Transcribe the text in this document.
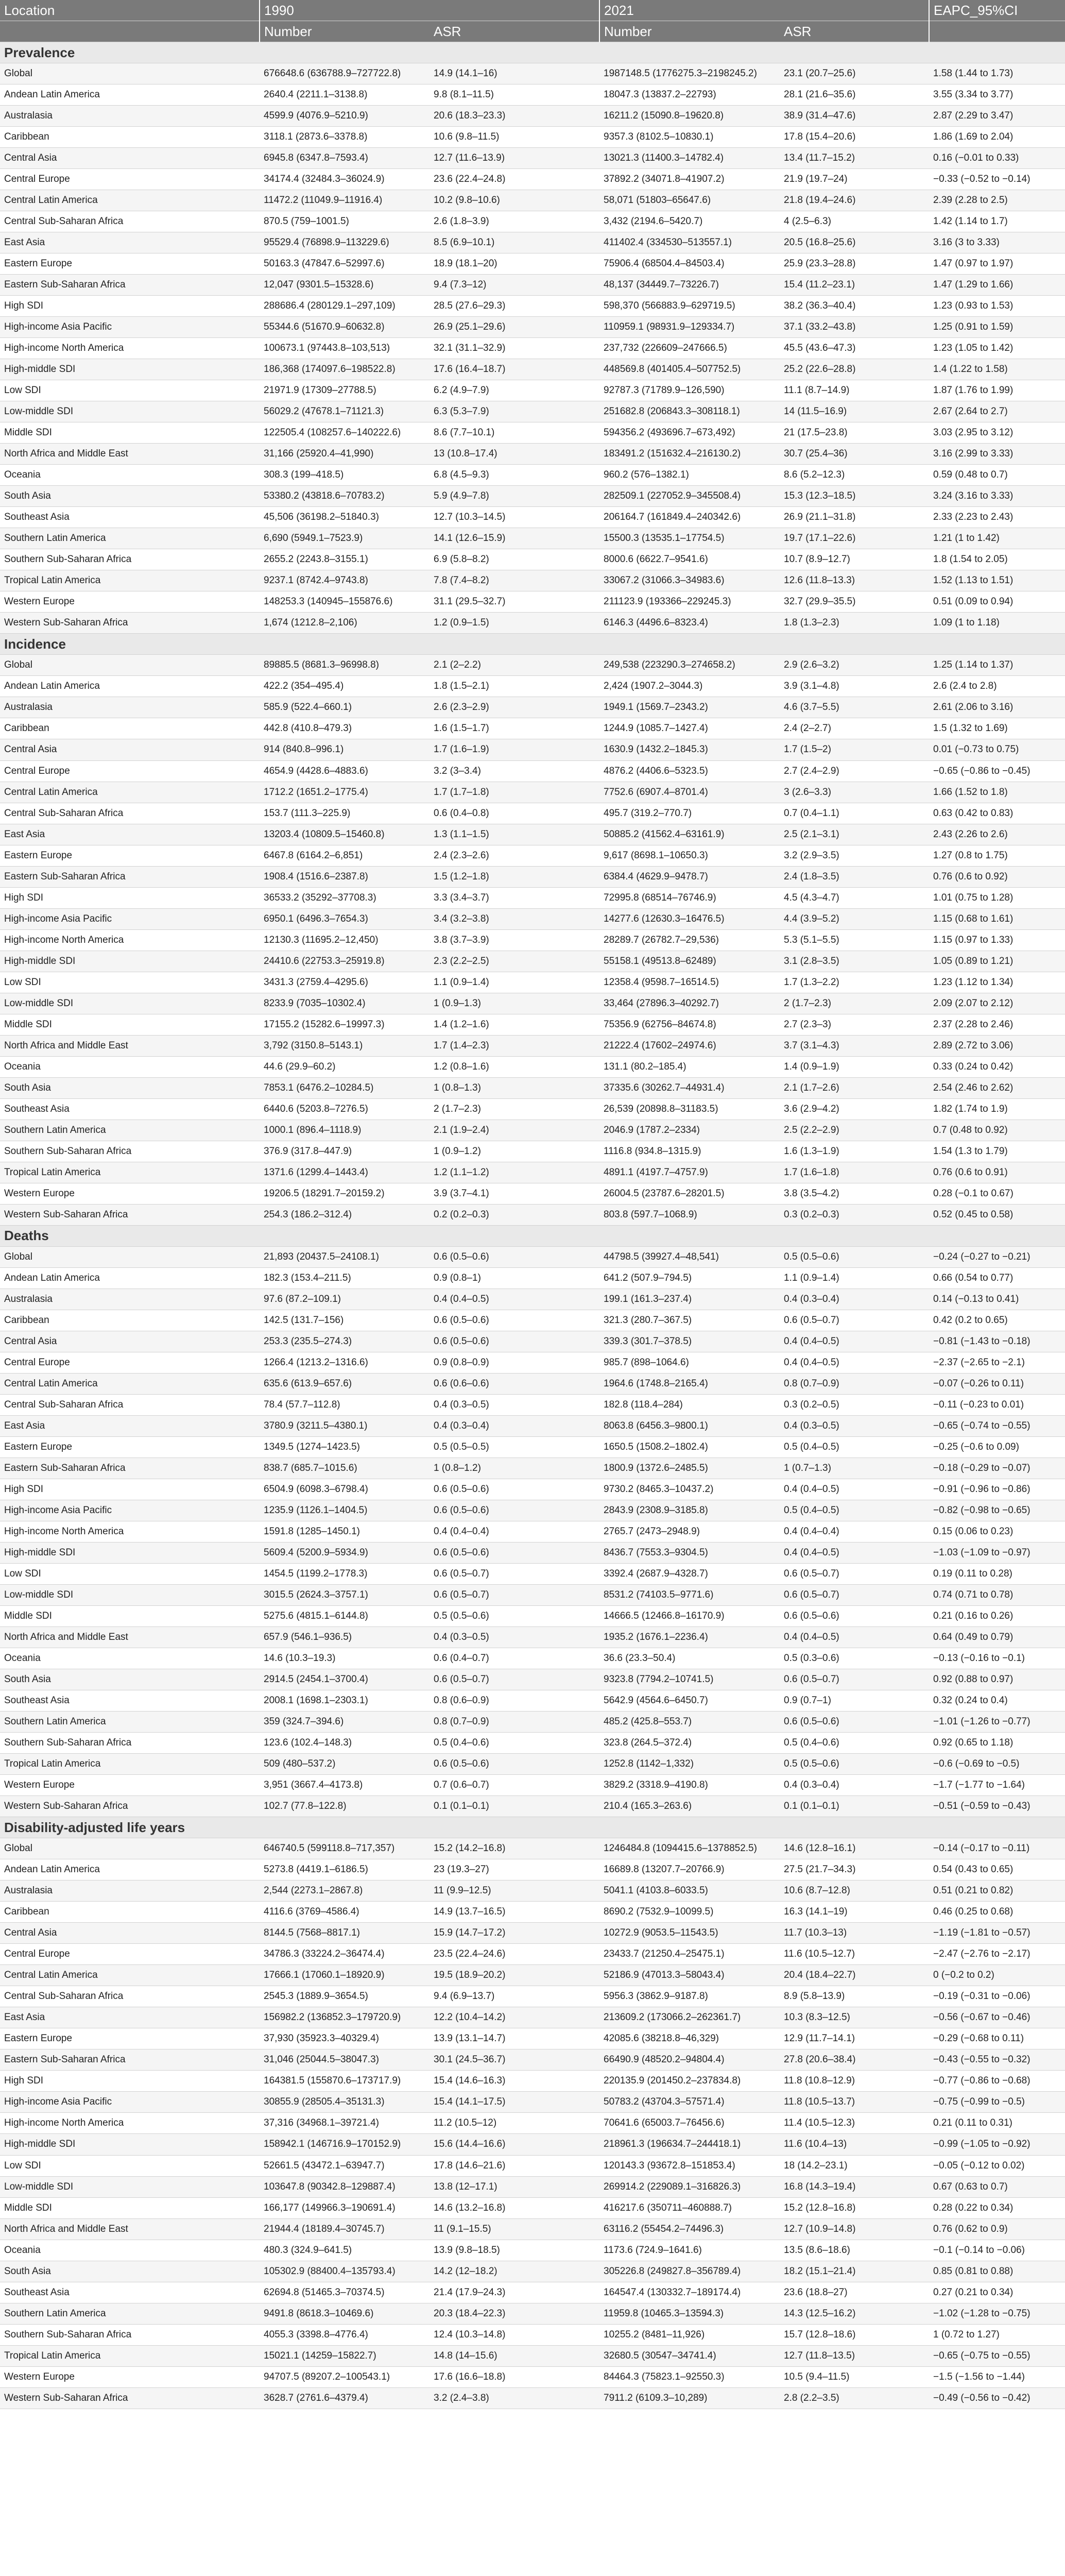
Location	1990		2021		EAPC_95%CI
	Number	ASR	Number	ASR	
Prevalence					
Global	676648.6 (636788.9–727722.8)	14.9 (14.1–16)	1987148.5 (1776275.3–2198245.2)	23.1 (20.7–25.6)	1.58 (1.44 to 1.73)
Andean Latin America	2640.4 (2211.1–3138.8)	9.8 (8.1–11.5)	18047.3 (13837.2–22793)	28.1 (21.6–35.6)	3.55 (3.34 to 3.77)
Australasia	4599.9 (4076.9–5210.9)	20.6 (18.3–23.3)	16211.2 (15090.8–19620.8)	38.9 (31.4–47.6)	2.87 (2.29 to 3.47)
Caribbean	3118.1 (2873.6–3378.8)	10.6 (9.8–11.5)	9357.3 (8102.5–10830.1)	17.8 (15.4–20.6)	1.86 (1.69 to 2.04)
Central Asia	6945.8 (6347.8–7593.4)	12.7 (11.6–13.9)	13021.3 (11400.3–14782.4)	13.4 (11.7–15.2)	0.16 (−0.01 to 0.33)
Central Europe	34174.4 (32484.3–36024.9)	23.6 (22.4–24.8)	37892.2 (34071.8–41907.2)	21.9 (19.7–24)	−0.33 (−0.52 to −0.14)
Central Latin America	11472.2 (11049.9–11916.4)	10.2 (9.8–10.6)	58,071 (51803–65647.6)	21.8 (19.4–24.6)	2.39 (2.28 to 2.5)
Central Sub-Saharan Africa	870.5 (759–1001.5)	2.6 (1.8–3.9)	3,432 (2194.6–5420.7)	4 (2.5–6.3)	1.42 (1.14 to 1.7)
East Asia	95529.4 (76898.9–113229.6)	8.5 (6.9–10.1)	411402.4 (334530–513557.1)	20.5 (16.8–25.6)	3.16 (3 to 3.33)
Eastern Europe	50163.3 (47847.6–52997.6)	18.9 (18.1–20)	75906.4 (68504.4–84503.4)	25.9 (23.3–28.8)	1.47 (0.97 to 1.97)
Eastern Sub-Saharan Africa	12,047 (9301.5–15328.6)	9.4 (7.3–12)	48,137 (34449.7–73226.7)	15.4 (11.2–23.1)	1.47 (1.29 to 1.66)
High SDI	288686.4 (280129.1–297,109)	28.5 (27.6–29.3)	598,370 (566883.9–629719.5)	38.2 (36.3–40.4)	1.23 (0.93 to 1.53)
High-income Asia Pacific	55344.6 (51670.9–60632.8)	26.9 (25.1–29.6)	110959.1 (98931.9–129334.7)	37.1 (33.2–43.8)	1.25 (0.91 to 1.59)
High-income North America	100673.1 (97443.8–103,513)	32.1 (31.1–32.9)	237,732 (226609–247666.5)	45.5 (43.6–47.3)	1.23 (1.05 to 1.42)
High-middle SDI	186,368 (174097.6–198522.8)	17.6 (16.4–18.7)	448569.8 (401405.4–507752.5)	25.2 (22.6–28.8)	1.4 (1.22 to 1.58)
Low SDI	21971.9 (17309–27788.5)	6.2 (4.9–7.9)	92787.3 (71789.9–126,590)	11.1 (8.7–14.9)	1.87 (1.76 to 1.99)
Low-middle SDI	56029.2 (47678.1–71121.3)	6.3 (5.3–7.9)	251682.8 (206843.3–308118.1)	14 (11.5–16.9)	2.67 (2.64 to 2.7)
Middle SDI	122505.4 (108257.6–140222.6)	8.6 (7.7–10.1)	594356.2 (493696.7–673,492)	21 (17.5–23.8)	3.03 (2.95 to 3.12)
North Africa and Middle East	31,166 (25920.4–41,990)	13 (10.8–17.4)	183491.2 (151632.4–216130.2)	30.7 (25.4–36)	3.16 (2.99 to 3.33)
Oceania	308.3 (199–418.5)	6.8 (4.5–9.3)	960.2 (576–1382.1)	8.6 (5.2–12.3)	0.59 (0.48 to 0.7)
South Asia	53380.2 (43818.6–70783.2)	5.9 (4.9–7.8)	282509.1 (227052.9–345508.4)	15.3 (12.3–18.5)	3.24 (3.16 to 3.33)
Southeast Asia	45,506 (36198.2–51840.3)	12.7 (10.3–14.5)	206164.7 (161849.4–240342.6)	26.9 (21.1–31.8)	2.33 (2.23 to 2.43)
Southern Latin America	6,690 (5949.1–7523.9)	14.1 (12.6–15.9)	15500.3 (13535.1–17754.5)	19.7 (17.1–22.6)	1.21 (1 to 1.42)
Southern Sub-Saharan Africa	2655.2 (2243.8–3155.1)	6.9 (5.8–8.2)	8000.6 (6622.7–9541.6)	10.7 (8.9–12.7)	1.8 (1.54 to 2.05)
Tropical Latin America	9237.1 (8742.4–9743.8)	7.8 (7.4–8.2)	33067.2 (31066.3–34983.6)	12.6 (11.8–13.3)	1.52 (1.13 to 1.51)
Western Europe	148253.3 (140945–155876.6)	31.1 (29.5–32.7)	211123.9 (193366–229245.3)	32.7 (29.9–35.5)	0.51 (0.09 to 0.94)
Western Sub-Saharan Africa	1,674 (1212.8–2,106)	1.2 (0.9–1.5)	6146.3 (4496.6–8323.4)	1.8 (1.3–2.3)	1.09 (1 to 1.18)
Incidence					
Global	89885.5 (8681.3–96998.8)	2.1 (2–2.2)	249,538 (223290.3–274658.2)	2.9 (2.6–3.2)	1.25 (1.14 to 1.37)
Andean Latin America	422.2 (354–495.4)	1.8 (1.5–2.1)	2,424 (1907.2–3044.3)	3.9 (3.1–4.8)	2.6 (2.4 to 2.8)
Australasia	585.9 (522.4–660.1)	2.6 (2.3–2.9)	1949.1 (1569.7–2343.2)	4.6 (3.7–5.5)	2.61 (2.06 to 3.16)
Caribbean	442.8 (410.8–479.3)	1.6 (1.5–1.7)	1244.9 (1085.7–1427.4)	2.4 (2–2.7)	1.5 (1.32 to 1.69)
Central Asia	914 (840.8–996.1)	1.7 (1.6–1.9)	1630.9 (1432.2–1845.3)	1.7 (1.5–2)	0.01 (−0.73 to 0.75)
Central Europe	4654.9 (4428.6–4883.6)	3.2 (3–3.4)	4876.2 (4406.6–5323.5)	2.7 (2.4–2.9)	−0.65 (−0.86 to −0.45)
Central Latin America	1712.2 (1651.2–1775.4)	1.7 (1.7–1.8)	7752.6 (6907.4–8701.4)	3 (2.6–3.3)	1.66 (1.52 to 1.8)
Central Sub-Saharan Africa	153.7 (111.3–225.9)	0.6 (0.4–0.8)	495.7 (319.2–770.7)	0.7 (0.4–1.1)	0.63 (0.42 to 0.83)
East Asia	13203.4 (10809.5–15460.8)	1.3 (1.1–1.5)	50885.2 (41562.4–63161.9)	2.5 (2.1–3.1)	2.43 (2.26 to 2.6)
Eastern Europe	6467.8 (6164.2–6,851)	2.4 (2.3–2.6)	9,617 (8698.1–10650.3)	3.2 (2.9–3.5)	1.27 (0.8 to 1.75)
Eastern Sub-Saharan Africa	1908.4 (1516.6–2387.8)	1.5 (1.2–1.8)	6384.4 (4629.9–9478.7)	2.4 (1.8–3.5)	0.76 (0.6 to 0.92)
High SDI	36533.2 (35292–37708.3)	3.3 (3.4–3.7)	72995.8 (68514–76746.9)	4.5 (4.3–4.7)	1.01 (0.75 to 1.28)
High-income Asia Pacific	6950.1 (6496.3–7654.3)	3.4 (3.2–3.8)	14277.6 (12630.3–16476.5)	4.4 (3.9–5.2)	1.15 (0.68 to 1.61)
High-income North America	12130.3 (11695.2–12,450)	3.8 (3.7–3.9)	28289.7 (26782.7–29,536)	5.3 (5.1–5.5)	1.15 (0.97 to 1.33)
High-middle SDI	24410.6 (22753.3–25919.8)	2.3 (2.2–2.5)	55158.1 (49513.8–62489)	3.1 (2.8–3.5)	1.05 (0.89 to 1.21)
Low SDI	3431.3 (2759.4–4295.6)	1.1 (0.9–1.4)	12358.4 (9598.7–16514.5)	1.7 (1.3–2.2)	1.23 (1.12 to 1.34)
Low-middle SDI	8233.9 (7035–10302.4)	1 (0.9–1.3)	33,464 (27896.3–40292.7)	2 (1.7–2.3)	2.09 (2.07 to 2.12)
Middle SDI	17155.2 (15282.6–19997.3)	1.4 (1.2–1.6)	75356.9 (62756–84674.8)	2.7 (2.3–3)	2.37 (2.28 to 2.46)
North Africa and Middle East	3,792 (3150.8–5143.1)	1.7 (1.4–2.3)	21222.4 (17602–24974.6)	3.7 (3.1–4.3)	2.89 (2.72 to 3.06)
Oceania	44.6 (29.9–60.2)	1.2 (0.8–1.6)	131.1 (80.2–185.4)	1.4 (0.9–1.9)	0.33 (0.24 to 0.42)
South Asia	7853.1 (6476.2–10284.5)	1 (0.8–1.3)	37335.6 (30262.7–44931.4)	2.1 (1.7–2.6)	2.54 (2.46 to 2.62)
Southeast Asia	6440.6 (5203.8–7276.5)	2 (1.7–2.3)	26,539 (20898.8–31183.5)	3.6 (2.9–4.2)	1.82 (1.74 to 1.9)
Southern Latin America	1000.1 (896.4–1118.9)	2.1 (1.9–2.4)	2046.9 (1787.2–2334)	2.5 (2.2–2.9)	0.7 (0.48 to 0.92)
Southern Sub-Saharan Africa	376.9 (317.8–447.9)	1 (0.9–1.2)	1116.8 (934.8–1315.9)	1.6 (1.3–1.9)	1.54 (1.3 to 1.79)
Tropical Latin America	1371.6 (1299.4–1443.4)	1.2 (1.1–1.2)	4891.1 (4197.7–4757.9)	1.7 (1.6–1.8)	0.76 (0.6 to 0.91)
Western Europe	19206.5 (18291.7–20159.2)	3.9 (3.7–4.1)	26004.5 (23787.6–28201.5)	3.8 (3.5–4.2)	0.28 (−0.1 to 0.67)
Western Sub-Saharan Africa	254.3 (186.2–312.4)	0.2 (0.2–0.3)	803.8 (597.7–1068.9)	0.3 (0.2–0.3)	0.52 (0.45 to 0.58)
Deaths					
Global	21,893 (20437.5–24108.1)	0.6 (0.5–0.6)	44798.5 (39927.4–48,541)	0.5 (0.5–0.6)	−0.24 (−0.27 to −0.21)
Andean Latin America	182.3 (153.4–211.5)	0.9 (0.8–1)	641.2 (507.9–794.5)	1.1 (0.9–1.4)	0.66 (0.54 to 0.77)
Australasia	97.6 (87.2–109.1)	0.4 (0.4–0.5)	199.1 (161.3–237.4)	0.4 (0.3–0.4)	0.14 (−0.13 to 0.41)
Caribbean	142.5 (131.7–156)	0.6 (0.5–0.6)	321.3 (280.7–367.5)	0.6 (0.5–0.7)	0.42 (0.2 to 0.65)
Central Asia	253.3 (235.5–274.3)	0.6 (0.5–0.6)	339.3 (301.7–378.5)	0.4 (0.4–0.5)	−0.81 (−1.43 to −0.18)
Central Europe	1266.4 (1213.2–1316.6)	0.9 (0.8–0.9)	985.7 (898–1064.6)	0.4 (0.4–0.5)	−2.37 (−2.65 to −2.1)
Central Latin America	635.6 (613.9–657.6)	0.6 (0.6–0.6)	1964.6 (1748.8–2165.4)	0.8 (0.7–0.9)	−0.07 (−0.26 to 0.11)
Central Sub-Saharan Africa	78.4 (57.7–112.8)	0.4 (0.3–0.5)	182.8 (118.4–284)	0.3 (0.2–0.5)	−0.11 (−0.23 to 0.01)
East Asia	3780.9 (3211.5–4380.1)	0.4 (0.3–0.4)	8063.8 (6456.3–9800.1)	0.4 (0.3–0.5)	−0.65 (−0.74 to −0.55)
Eastern Europe	1349.5 (1274–1423.5)	0.5 (0.5–0.5)	1650.5 (1508.2–1802.4)	0.5 (0.4–0.5)	−0.25 (−0.6 to 0.09)
Eastern Sub-Saharan Africa	838.7 (685.7–1015.6)	1 (0.8–1.2)	1800.9 (1372.6–2485.5)	1 (0.7–1.3)	−0.18 (−0.29 to −0.07)
High SDI	6504.9 (6098.3–6798.4)	0.6 (0.5–0.6)	9730.2 (8465.3–10437.2)	0.4 (0.4–0.5)	−0.91 (−0.96 to −0.86)
High-income Asia Pacific	1235.9 (1126.1–1404.5)	0.6 (0.5–0.6)	2843.9 (2308.9–3185.8)	0.5 (0.4–0.5)	−0.82 (−0.98 to −0.65)
High-income North America	1591.8 (1285–1450.1)	0.4 (0.4–0.4)	2765.7 (2473–2948.9)	0.4 (0.4–0.4)	0.15 (0.06 to 0.23)
High-middle SDI	5609.4 (5200.9–5934.9)	0.6 (0.5–0.6)	8436.7 (7553.3–9304.5)	0.4 (0.4–0.5)	−1.03 (−1.09 to −0.97)
Low SDI	1454.5 (1199.2–1778.3)	0.6 (0.5–0.7)	3392.4 (2687.9–4328.7)	0.6 (0.5–0.7)	0.19 (0.11 to 0.28)
Low-middle SDI	3015.5 (2624.3–3757.1)	0.6 (0.5–0.7)	8531.2 (74103.5–9771.6)	0.6 (0.5–0.7)	0.74 (0.71 to 0.78)
Middle SDI	5275.6 (4815.1–6144.8)	0.5 (0.5–0.6)	14666.5 (12466.8–16170.9)	0.6 (0.5–0.6)	0.21 (0.16 to 0.26)
North Africa and Middle East	657.9 (546.1–936.5)	0.4 (0.3–0.5)	1935.2 (1676.1–2236.4)	0.4 (0.4–0.5)	0.64 (0.49 to 0.79)
Oceania	14.6 (10.3–19.3)	0.6 (0.4–0.7)	36.6 (23.3–50.4)	0.5 (0.3–0.6)	−0.13 (−0.16 to −0.1)
South Asia	2914.5 (2454.1–3700.4)	0.6 (0.5–0.7)	9323.8 (7794.2–10741.5)	0.6 (0.5–0.7)	0.92 (0.88 to 0.97)
Southeast Asia	2008.1 (1698.1–2303.1)	0.8 (0.6–0.9)	5642.9 (4564.6–6450.7)	0.9 (0.7–1)	0.32 (0.24 to 0.4)
Southern Latin America	359 (324.7–394.6)	0.8 (0.7–0.9)	485.2 (425.8–553.7)	0.6 (0.5–0.6)	−1.01 (−1.26 to −0.77)
Southern Sub-Saharan Africa	123.6 (102.4–148.3)	0.5 (0.4–0.6)	323.8 (264.5–372.4)	0.5 (0.4–0.6)	0.92 (0.65 to 1.18)
Tropical Latin America	509 (480–537.2)	0.6 (0.5–0.6)	1252.8 (1142–1,332)	0.5 (0.5–0.6)	−0.6 (−0.69 to −0.5)
Western Europe	3,951 (3667.4–4173.8)	0.7 (0.6–0.7)	3829.2 (3318.9–4190.8)	0.4 (0.3–0.4)	−1.7 (−1.77 to −1.64)
Western Sub-Saharan Africa	102.7 (77.8–122.8)	0.1 (0.1–0.1)	210.4 (165.3–263.6)	0.1 (0.1–0.1)	−0.51 (−0.59 to −0.43)
Disability-adjusted life years					
Global	646740.5 (599118.8–717,357)	15.2 (14.2–16.8)	1246484.8 (1094415.6–1378852.5)	14.6 (12.8–16.1)	−0.14 (−0.17 to −0.11)
Andean Latin America	5273.8 (4419.1–6186.5)	23 (19.3–27)	16689.8 (13207.7–20766.9)	27.5 (21.7–34.3)	0.54 (0.43 to 0.65)
Australasia	2,544 (2273.1–2867.8)	11 (9.9–12.5)	5041.1 (4103.8–6033.5)	10.6 (8.7–12.8)	0.51 (0.21 to 0.82)
Caribbean	4116.6 (3769–4586.4)	14.9 (13.7–16.5)	8690.2 (7532.9–10099.5)	16.3 (14.1–19)	0.46 (0.25 to 0.68)
Central Asia	8144.5 (7568–8817.1)	15.9 (14.7–17.2)	10272.9 (9053.5–11543.5)	11.7 (10.3–13)	−1.19 (−1.81 to −0.57)
Central Europe	34786.3 (33224.2–36474.4)	23.5 (22.4–24.6)	23433.7 (21250.4–25475.1)	11.6 (10.5–12.7)	−2.47 (−2.76 to −2.17)
Central Latin America	17666.1 (17060.1–18920.9)	19.5 (18.9–20.2)	52186.9 (47013.3–58043.4)	20.4 (18.4–22.7)	0 (−0.2 to 0.2)
Central Sub-Saharan Africa	2545.3 (1889.9–3654.5)	9.4 (6.9–13.7)	5956.3 (3862.9–9187.8)	8.9 (5.8–13.9)	−0.19 (−0.31 to −0.06)
East Asia	156982.2 (136852.3–179720.9)	12.2 (10.4–14.2)	213609.2 (173066.2–262361.7)	10.3 (8.3–12.5)	−0.56 (−0.67 to −0.46)
Eastern Europe	37,930 (35923.3–40329.4)	13.9 (13.1–14.7)	42085.6 (38218.8–46,329)	12.9 (11.7–14.1)	−0.29 (−0.68 to 0.11)
Eastern Sub-Saharan Africa	31,046 (25044.5–38047.3)	30.1 (24.5–36.7)	66490.9 (48520.2–94804.4)	27.8 (20.6–38.4)	−0.43 (−0.55 to −0.32)
High SDI	164381.5 (155870.6–173717.9)	15.4 (14.6–16.3)	220135.9 (201450.2–237834.8)	11.8 (10.8–12.9)	−0.77 (−0.86 to −0.68)
High-income Asia Pacific	30855.9 (28505.4–35131.3)	15.4 (14.1–17.5)	50783.2 (43704.3–57571.4)	11.8 (10.5–13.7)	−0.75 (−0.99 to −0.5)
High-income North America	37,316 (34968.1–39721.4)	11.2 (10.5–12)	70641.6 (65003.7–76456.6)	11.4 (10.5–12.3)	0.21 (0.11 to 0.31)
High-middle SDI	158942.1 (146716.9–170152.9)	15.6 (14.4–16.6)	218961.3 (196634.7–244418.1)	11.6 (10.4–13)	−0.99 (−1.05 to −0.92)
Low SDI	52661.5 (43472.1–63947.7)	17.8 (14.6–21.6)	120143.3 (93672.8–151853.4)	18 (14.2–23.1)	−0.05 (−0.12 to 0.02)
Low-middle SDI	103647.8 (90342.8–129887.4)	13.8 (12–17.1)	269914.2 (229089.1–316826.3)	16.8 (14.3–19.4)	0.67 (0.63 to 0.7)
Middle SDI	166,177 (149966.3–190691.4)	14.6 (13.2–16.8)	416217.6 (350711–460888.7)	15.2 (12.8–16.8)	0.28 (0.22 to 0.34)
North Africa and Middle East	21944.4 (18189.4–30745.7)	11 (9.1–15.5)	63116.2 (55454.2–74496.3)	12.7 (10.9–14.8)	0.76 (0.62 to 0.9)
Oceania	480.3 (324.9–641.5)	13.9 (9.8–18.5)	1173.6 (724.9–1641.6)	13.5 (8.6–18.6)	−0.1 (−0.14 to −0.06)
South Asia	105302.9 (88400.4–135793.4)	14.2 (12–18.2)	305226.8 (249827.8–356789.4)	18.2 (15.1–21.4)	0.85 (0.81 to 0.88)
Southeast Asia	62694.8 (51465.3–70374.5)	21.4 (17.9–24.3)	164547.4 (130332.7–189174.4)	23.6 (18.8–27)	0.27 (0.21 to 0.34)
Southern Latin America	9491.8 (8618.3–10469.6)	20.3 (18.4–22.3)	11959.8 (10465.3–13594.3)	14.3 (12.5–16.2)	−1.02 (−1.28 to −0.75)
Southern Sub-Saharan Africa	4055.3 (3398.8–4776.4)	12.4 (10.3–14.8)	10255.2 (8481–11,926)	15.7 (12.8–18.6)	1 (0.72 to 1.27)
Tropical Latin America	15021.1 (14259–15822.7)	14.8 (14–15.6)	32680.5 (30547–34741.4)	12.7 (11.8–13.5)	−0.65 (−0.75 to −0.55)
Western Europe	94707.5 (89207.2–100543.1)	17.6 (16.6–18.8)	84464.3 (75823.1–92550.3)	10.5 (9.4–11.5)	−1.5 (−1.56 to −1.44)
Western Sub-Saharan Africa	3628.7 (2761.6–4379.4)	3.2 (2.4–3.8)	7911.2 (6109.3–10,289)	2.8 (2.2–3.5)	−0.49 (−0.56 to −0.42)
